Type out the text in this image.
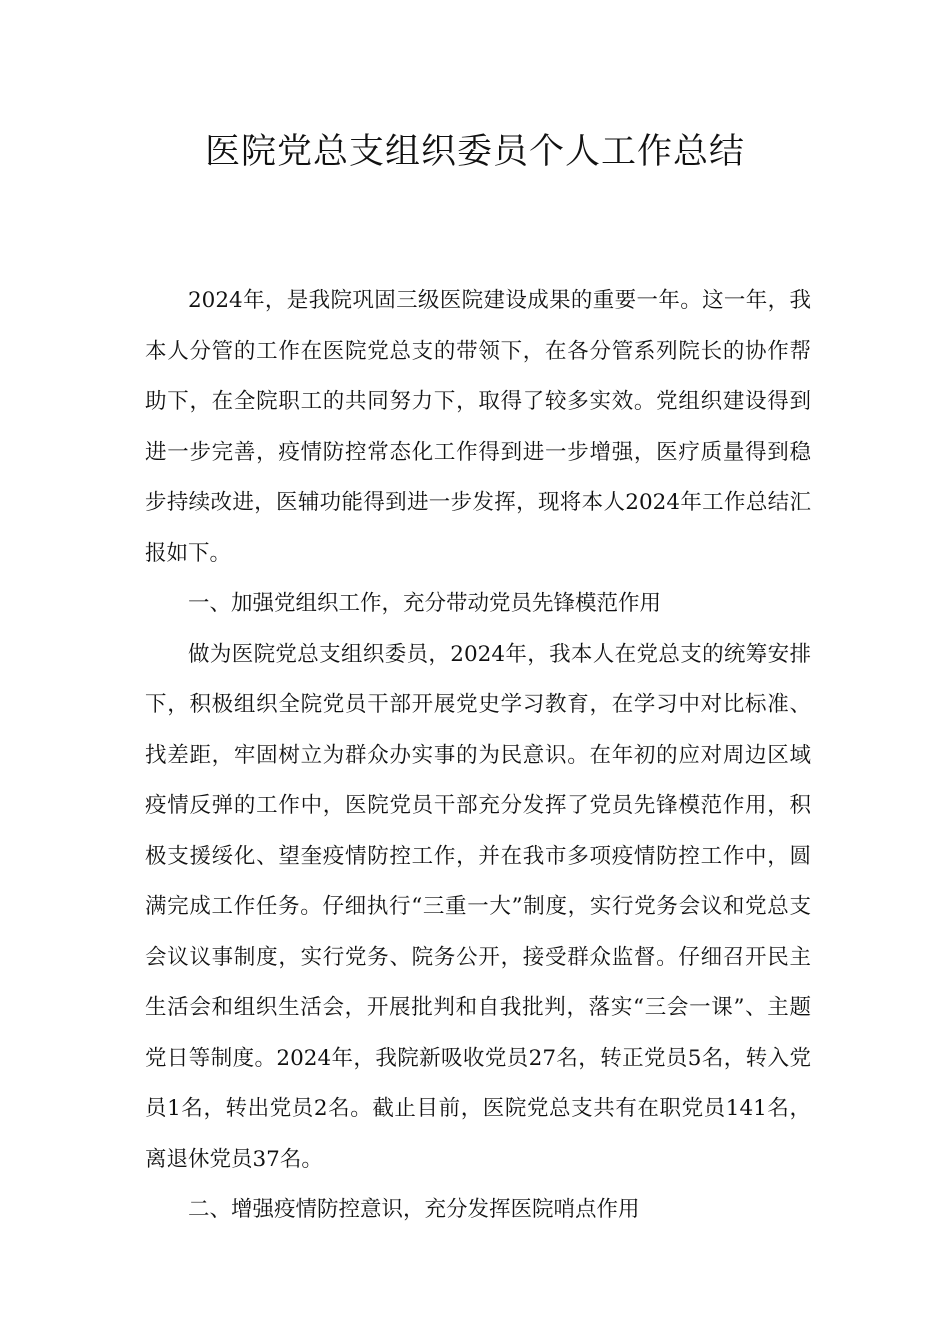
医院党总支组织委员个人工作总结

2024年，是我院巩固三级医院建设成果的重要一年。这一年，我本人分管的工作在医院党总支的带领下，在各分管系列院长的协作帮助下，在全院职工的共同努力下，取得了较多实效。党组织建设得到进一步完善，疫情防控常态化工作得到进一步增强，医疗质量得到稳步持续改进，医辅功能得到进一步发挥，现将本人2024年工作总结汇报如下。

一、加强党组织工作，充分带动党员先锋模范作用

做为医院党总支组织委员，2024年，我本人在党总支的统筹安排下，积极组织全院党员干部开展党史学习教育，在学习中对比标准、找差距，牢固树立为群众办实事的为民意识。在年初的应对周边区域疫情反弹的工作中，医院党员干部充分发挥了党员先锋模范作用，积极支援绥化、望奎疫情防控工作，并在我市多项疫情防控工作中，圆满完成工作任务。仔细执行“三重一大”制度，实行党务会议和党总支会议议事制度，实行党务、院务公开，接受群众监督。仔细召开民主生活会和组织生活会，开展批判和自我批判，落实“三会一课”、主题党日等制度。2024年，我院新吸收党员27名，转正党员5名，转入党员1名，转出党员2名。截止目前，医院党总支共有在职党员141名，离退休党员37名。

二、增强疫情防控意识，充分发挥医院哨点作用
